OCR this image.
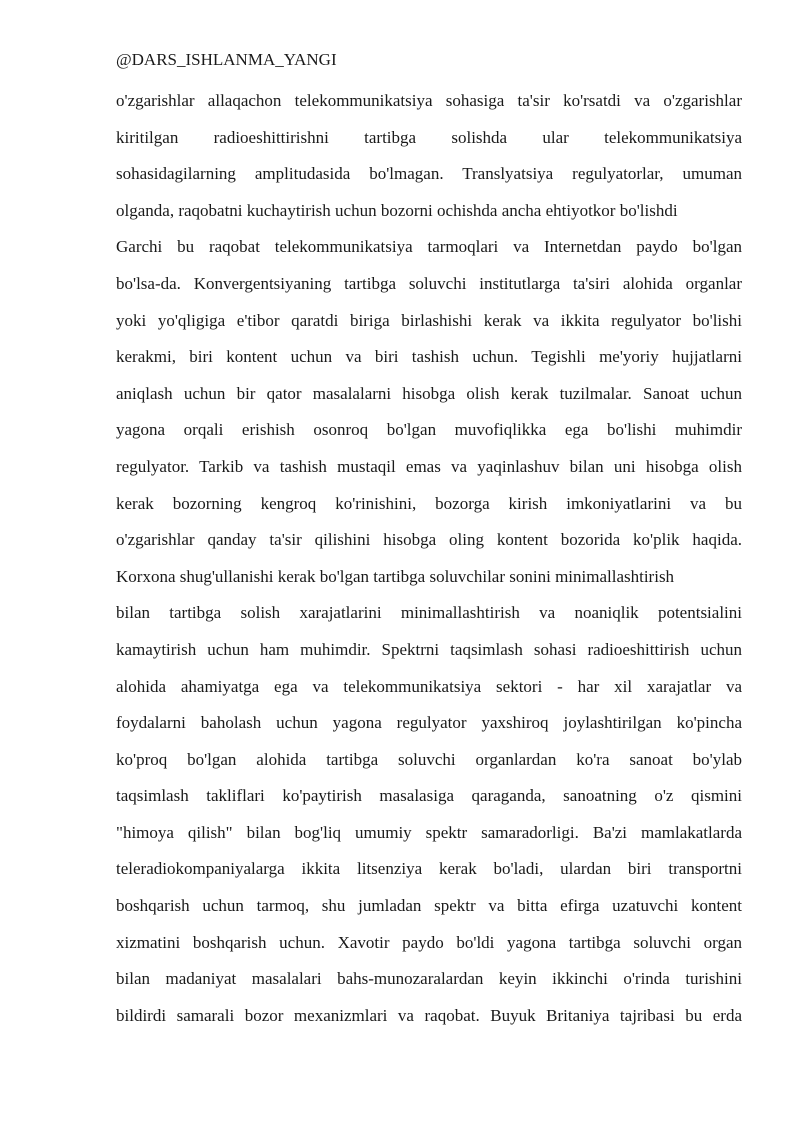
@DARS_ISHLANMA_YANGI
o'zgarishlar allaqachon telekommunikatsiya sohasiga ta'sir ko'rsatdi va o'zgarishlar
kiritilgan radioeshittirishni tartibga solishda ular telekommunikatsiya
sohasidagilarning amplitudasida bo'lmagan. Translyatsiya regulyatorlar, umuman
olganda, raqobatni kuchaytirish uchun bozorni ochishda ancha ehtiyotkor bo'lishdi
Garchi bu raqobat telekommunikatsiya tarmoqlari va Internetdan paydo bo'lgan
bo'lsa-da. Konvergentsiyaning tartibga soluvchi institutlarga ta'siri alohida organlar
yoki yo'qligiga e'tibor qaratdi biriga birlashishi kerak va ikkita regulyator bo'lishi
kerakmi, biri kontent uchun va biri tashish uchun. Tegishli me'yoriy hujjatlarni
aniqlash uchun bir qator masalalarni hisobga olish kerak tuzilmalar. Sanoat uchun
yagona orqali erishish osonroq bo'lgan muvofiqlikka ega bo'lishi muhimdir
regulyator. Tarkib va tashish mustaqil emas va yaqinlashuv bilan uni hisobga olish
kerak bozorning kengroq ko'rinishini, bozorga kirish imkoniyatlarini va bu
o'zgarishlar qanday ta'sir qilishini hisobga oling kontent bozorida ko'plik haqida.
Korxona shug'ullanishi kerak bo'lgan tartibga soluvchilar sonini minimallashtirish
bilan tartibga solish xarajatlarini minimallashtirish va noaniqlik potentsialini
kamaytirish uchun ham muhimdir. Spektrni taqsimlash sohasi radioeshittirish uchun
alohida ahamiyatga ega va telekommunikatsiya sektori - har xil xarajatlar va
foydalarni baholash uchun yagona regulyator yaxshiroq joylashtirilgan ko'pincha
ko'proq bo'lgan alohida tartibga soluvchi organlardan ko'ra sanoat bo'ylab
taqsimlash takliflari ko'paytirish masalasiga qaraganda, sanoatning o'z qismini
"himoya qilish" bilan bog'liq umumiy spektr samaradorligi. Ba'zi mamlakatlarda
teleradiokompaniyalarga ikkita litsenziya kerak bo'ladi, ulardan biri transportni
boshqarish uchun tarmoq, shu jumladan spektr va bitta efirga uzatuvchi kontent
xizmatini boshqarish uchun. Xavotir paydo bo'ldi yagona tartibga soluvchi organ
bilan madaniyat masalalari bahs-munozaralardan keyin ikkinchi o'rinda turishini
bildirdi samarali bozor mexanizmlari va raqobat. Buyuk Britaniya tajribasi bu erda
